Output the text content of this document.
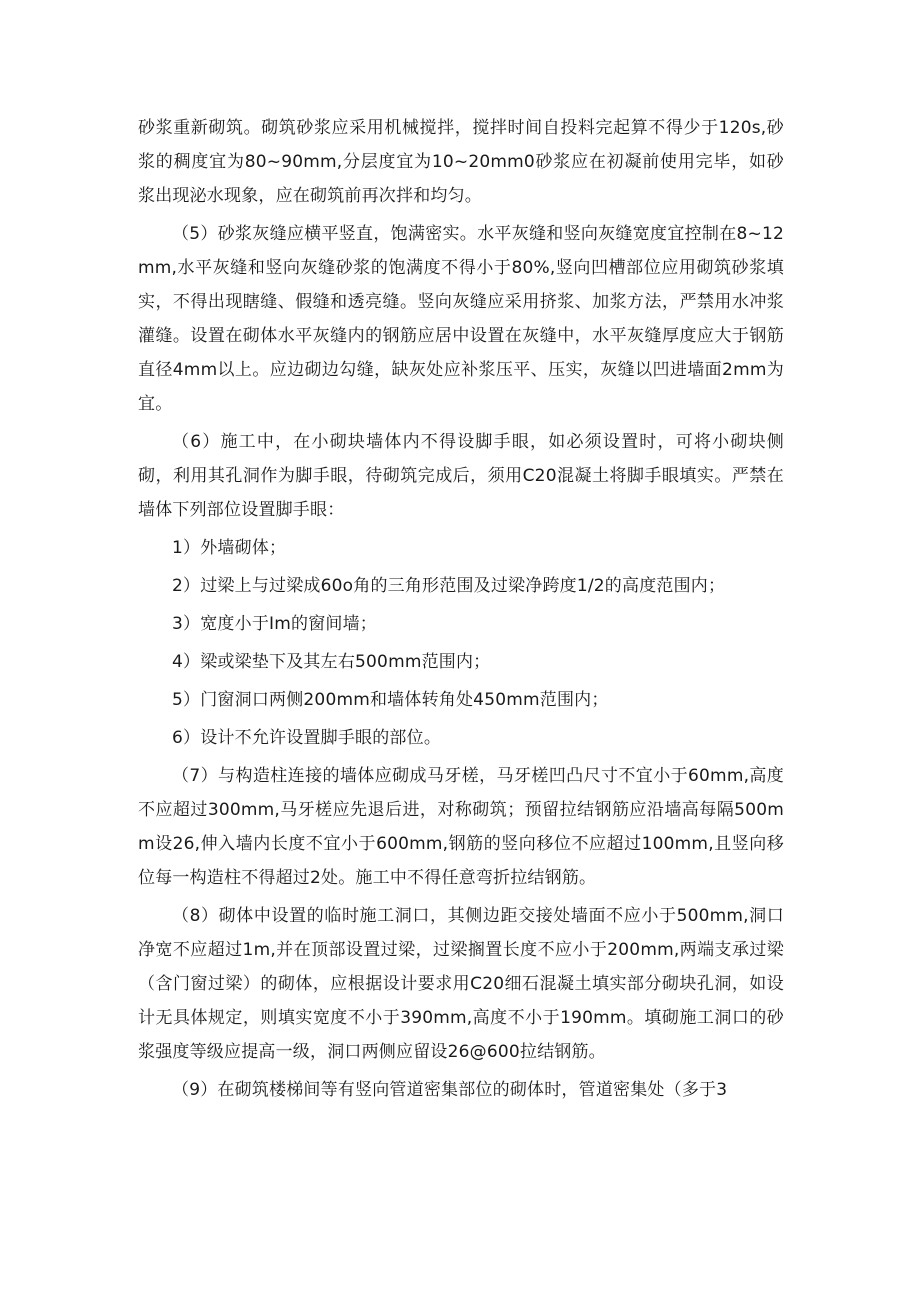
砂浆重新砌筑。砌筑砂浆应采用机械搅拌，搅拌时间自投料完起算不得少于120s,砂浆的稠度宜为80~90mm,分层度宜为10~20mm0砂浆应在初凝前使用完毕，如砂浆出现泌水现象，应在砌筑前再次拌和均匀。

（5）砂浆灰缝应横平竖直，饱满密实。水平灰缝和竖向灰缝宽度宜控制在8~12mm,水平灰缝和竖向灰缝砂浆的饱满度不得小于80%,竖向凹槽部位应用砌筑砂浆填实，不得出现瞎缝、假缝和透亮缝。竖向灰缝应采用挤浆、加浆方法，严禁用水冲浆灌缝。设置在砌体水平灰缝内的钢筋应居中设置在灰缝中，水平灰缝厚度应大于钢筋直径4mm以上。应边砌边勾缝，缺灰处应补浆压平、压实，灰缝以凹进墙面2mm为宜。

（6）施工中，在小砌块墙体内不得设脚手眼，如必须设置时，可将小砌块侧砌，利用其孔洞作为脚手眼，待砌筑完成后，须用C20混凝土将脚手眼填实。严禁在墙体下列部位设置脚手眼：

1）外墙砌体；

2）过梁上与过梁成60o角的三角形范围及过梁净跨度1/2的高度范围内；

3）宽度小于Im的窗间墙；

4）梁或梁垫下及其左右500mm范围内；

5）门窗洞口两侧200mm和墙体转角处450mm范围内；

6）设计不允许设置脚手眼的部位。

（7）与构造柱连接的墙体应砌成马牙槎，马牙槎凹凸尺寸不宜小于60mm,高度不应超过300mm,马牙槎应先退后进，对称砌筑；预留拉结钢筋应沿墙高每隔500mm设26,伸入墙内长度不宜小于600mm,钢筋的竖向移位不应超过100mm,且竖向移位每一构造柱不得超过2处。施工中不得任意弯折拉结钢筋。

（8）砌体中设置的临时施工洞口，其侧边距交接处墙面不应小于500mm,洞口净宽不应超过1m,并在顶部设置过梁，过梁搁置长度不应小于200mm,两端支承过梁（含门窗过梁）的砌体，应根据设计要求用C20细石混凝土填实部分砌块孔洞，如设计无具体规定，则填实宽度不小于390mm,高度不小于190mm。填砌施工洞口的砂浆强度等级应提高一级，洞口两侧应留设26@600拉结钢筋。

（9）在砌筑楼梯间等有竖向管道密集部位的砌体时，管道密集处（多于3
